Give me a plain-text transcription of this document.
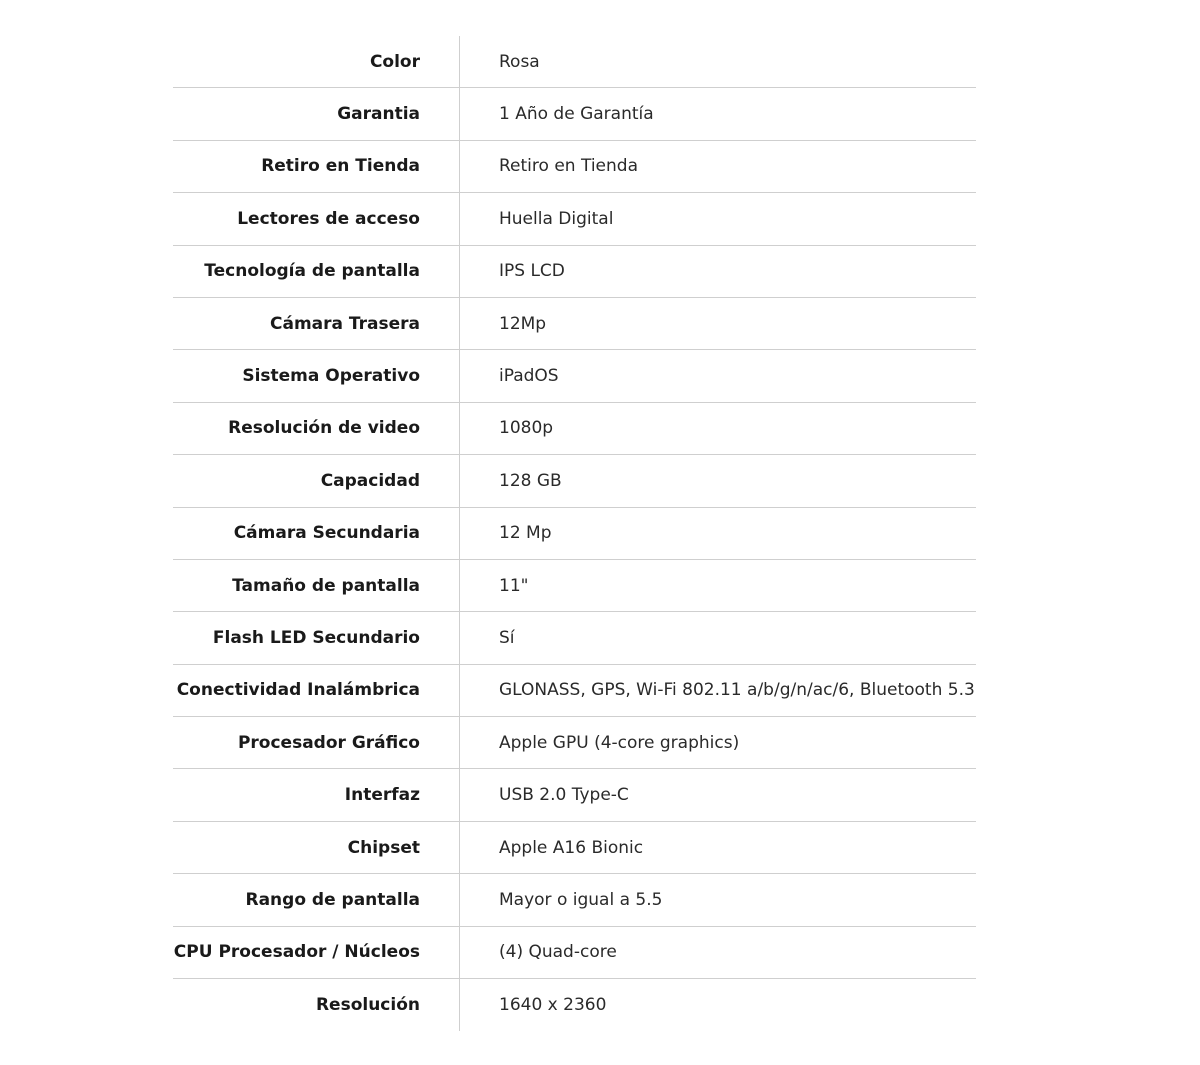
Color	Rosa
Garantia	1 Año de Garantía
Retiro en Tienda	Retiro en Tienda
Lectores de acceso	Huella Digital
Tecnología de pantalla	IPS LCD
Cámara Trasera	12Mp
Sistema Operativo	iPadOS
Resolución de video	1080p
Capacidad	128 GB
Cámara Secundaria	12 Mp
Tamaño de pantalla	11"
Flash LED Secundario	Sí
Conectividad Inalámbrica	GLONASS, GPS, Wi-Fi 802.11 a/b/g/n/ac/6, Bluetooth 5.3
Procesador Gráfico	Apple GPU (4-core graphics)
Interfaz	USB 2.0 Type-C
Chipset	Apple A16 Bionic
Rango de pantalla	Mayor o igual a 5.5
CPU Procesador / Núcleos	(4) Quad-core
Resolución	1640 x 2360
